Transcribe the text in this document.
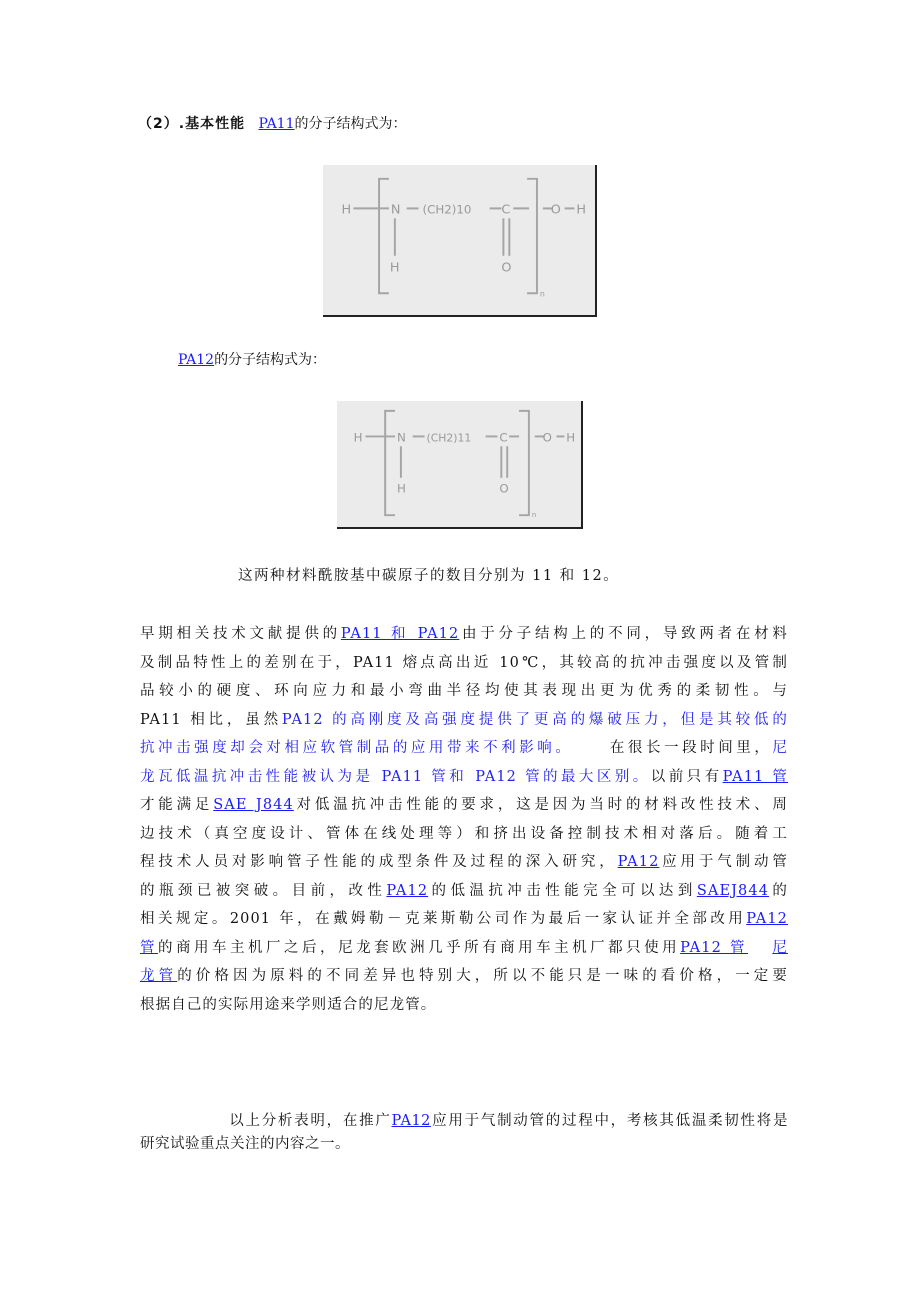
（2）.基本性能 PA11的分子结构式为：
H	N (CH2)10 C	O H
H	O
n
PA12的分子结构式为：
H	N (CH2)11 C	O H
H	O
n
这两种材料酰胺基中碳原子的数目分别为 11 和 12。
早期相关技术文献提供的PA11 和 PA12由于分子结构上的不同，导致两者在材料
及制品特性上的差别在于，PA11 熔点高出近 10℃，其较高的抗冲击强度以及管制
品较小的硬度、环向应力和最小弯曲半径均使其表现出更为优秀的柔韧性。与
PA11 相比，虽然PA12 的高刚度及高强度提供了更高的爆破压力，但是其较低的
抗冲击强度却会对相应软管制品的应用带来不利影响。 在很长一段时间里，尼
龙瓦低温抗冲击性能被认为是 PA11 管和 PA12 管的最大区别。以前只有PA11 管
才能满足SAE J844对低温抗冲击性能的要求，这是因为当时的材料改性技术、周
边技术（真空度设计、管体在线处理等）和挤出设备控制技术相对落后。随着工
程技术人员对影响管子性能的成型条件及过程的深入研究，PA12应用于气制动管
的瓶颈已被突破。目前，改性PA12的低温抗冲击性能完全可以达到SAEJ844的
相关规定。2001 年，在戴姆勒－克莱斯勒公司作为最后一家认证并全部改用PA12
管的商用车主机厂之后，尼龙套欧洲几乎所有商用车主机厂都只使用PA12 管 尼
龙管的价格因为原料的不同差异也特别大，所以不能只是一味的看价格，一定要
根据自己的实际用途来学则适合的尼龙管。
以上分析表明，在推广PA12应用于气制动管的过程中，考核其低温柔韧性将是
研究试验重点关注的内容之一。
